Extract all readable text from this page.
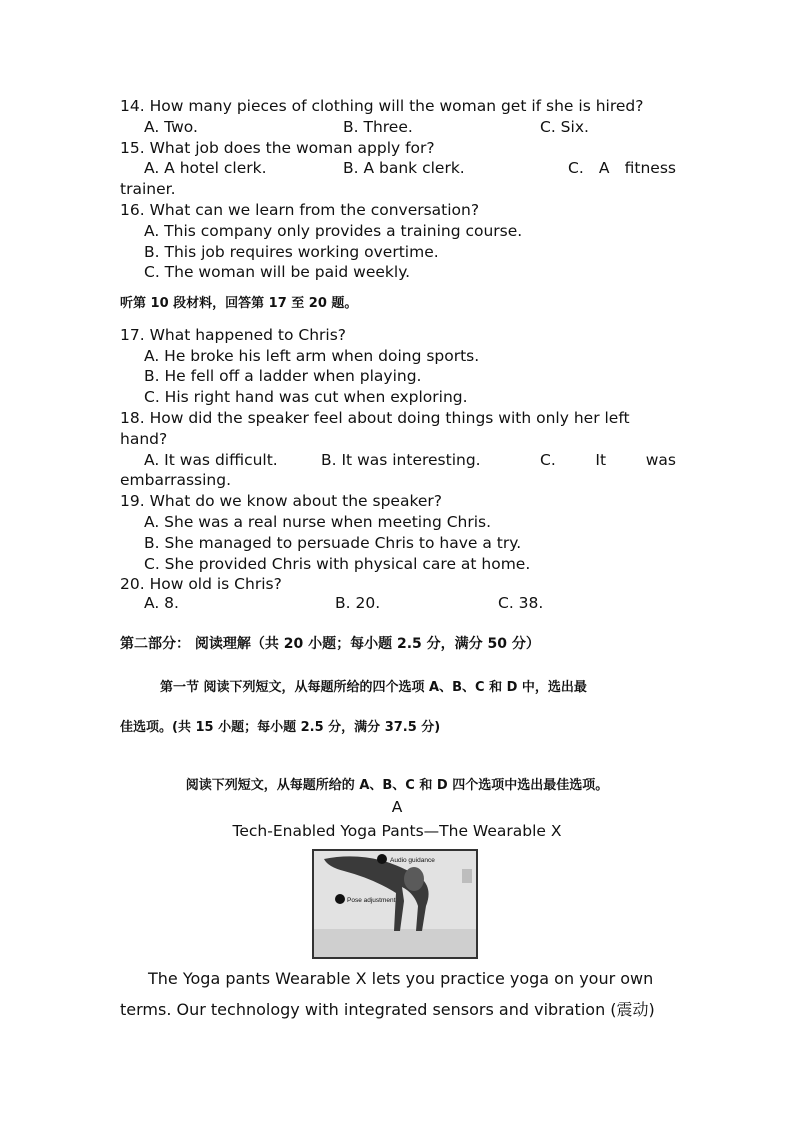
14. How many pieces of clothing will the woman get if she is hired?
A. Two.	B. Three.	C. Six.
15. What job does the woman apply for?
A. A hotel clerk.	B. A bank clerk.	C. A fitness
trainer.
16. What can we learn from the conversation?
A. This company only provides a training course.
B. This job requires working overtime.
C. The woman will be paid weekly.
听第 10 段材料，回答第 17 至 20 题。
17. What happened to Chris?
A. He broke his left arm when doing sports.
B. He fell off a ladder when playing.
C. His right hand was cut when exploring.
18. How did the speaker feel about doing things with only her left
hand?
A. It was difficult.	B. It was interesting.	C.	It	was
embarrassing.
19. What do we know about the speaker?
A. She was a real nurse when meeting Chris.
B. She managed to persuade Chris to have a try.
C. She provided Chris with physical care at home.
20. How old is Chris?
A. 8.	B. 20.	C. 38.
第二部分： 阅读理解（共 20 小题；每小题 2.5 分，满分 50 分）
第一节 阅读下列短文，从每题所给的四个选项 A、B、C 和 D 中，选出最
佳选项。(共 15 小题；每小题 2.5 分，满分 37.5 分)
阅读下列短文，从每题所给的 A、B、C 和 D 四个选项中选出最佳选项。
A
Tech-Enabled Yoga Pants—The Wearable X
Audio guidance
Pose adjustment
The Yoga pants Wearable X lets you practice yoga on your own
terms. Our technology with integrated sensors and vibration (震动)
